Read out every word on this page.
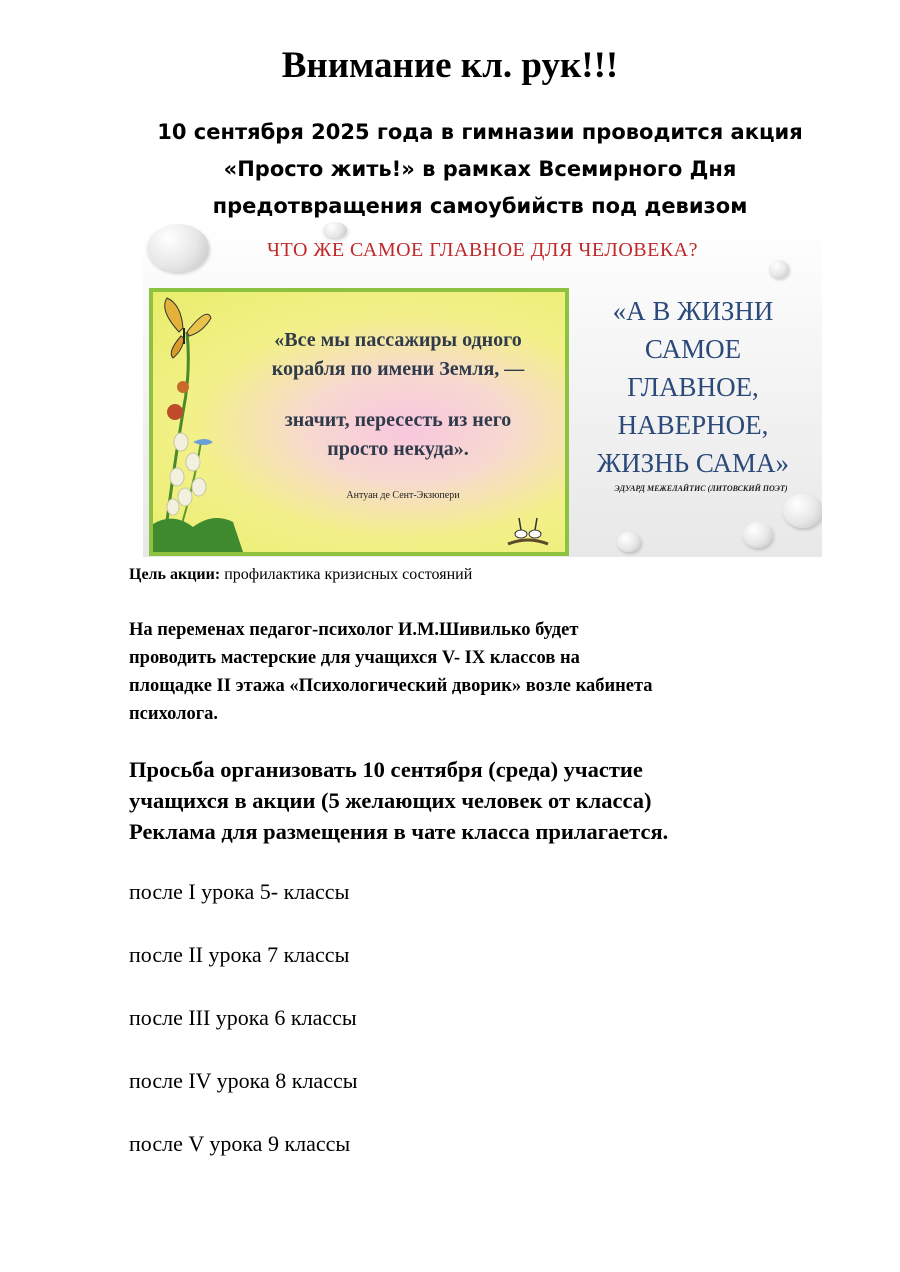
Внимание кл. рук!!!
10 сентября 2025 года в гимназии проводится акция
«Просто жить!» в рамках Всемирного Дня
предотвращения самоубийств под девизом
ЧТО ЖЕ САМОЕ ГЛАВНОЕ ДЛЯ ЧЕЛОВЕКА?
«Все мы пассажиры одного
корабля по имени Земля, —
значит, пересесть из него
просто некуда».
Антуан де Сент-Экзюпери
«А В ЖИЗНИ
САМОЕ
ГЛАВНОЕ,
НАВЕРНОЕ,
ЖИЗНЬ САМА»
ЭДУАРД МЕЖЕЛАЙТИС (ЛИТОВСКИЙ ПОЭТ)
Цель акции: профилактика кризисных состояний
На переменах педагог-психолог И.М.Шивилько будет
проводить мастерские для учащихся V- IX классов на
площадке II этажа «Психологический дворик» возле кабинета
психолога.
Просьба организовать 10 сентября (среда) участие
учащихся в акции (5 желающих человек от класса)
Реклама для размещения в чате класса прилагается.
после I урока 5- классы
после II урока 7 классы
после III урока 6 классы
после IV урока 8 классы
после V урока 9 классы
